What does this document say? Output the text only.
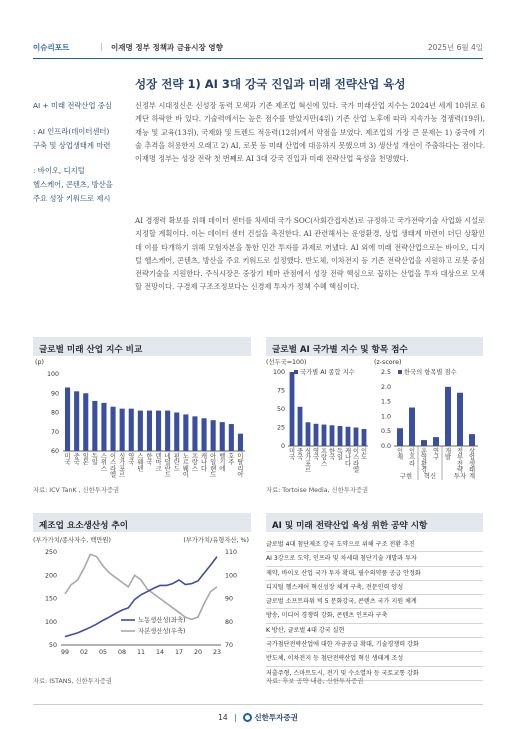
이슈리포트	| 이재명 정부 정책과 금융시장 영향	2025년 6월 4일
성장 전략 1) AI 3대 강국 진입과 미래 전략산업 육성
AI + 미래 전략산업 중심
: AI 인프라(데이터센터)
구축 및 상업생태계 마련
: 바이오, 디지털
헬스케어, 콘텐츠, 방산을
주요 성장 키워드로 제시
신정부 시대정신은 신성장 동력 모색과 기존 제조업 혁신에 있다. 국가 미래산업 지수는 2024년 세계 10위로 6계단 하락한 바 있다. 기술력에서는 높은 점수를 받았지만(4위) 기존 산업 노후에 따라 지속가능 경쟁력(19위), 재능 및 교육(13위), 국제화 및 트렌드 적응력(12위)에서 약점을 보였다. 제조업의 가장 큰 문제는 1) 중국에 기술 추격을 허용한지 오래고 2) AI, 로봇 등 미래 산업에 대응하지 못했으며 3) 생산성 개선이 주춤하다는 점이다. 이재명 정부는 성장 전략 첫 번째로 AI 3대 강국 진입과 미래 전략산업 육성을 천명했다.
AI 경쟁력 확보를 위해 데이터 센터를 차세대 국가 SOC(사회간접자본)로 규정하고 국가전략기술 사업화 시설로 지정할 계획이다. 이는 데이터 센터 건설을 촉진한다. AI 관련해서는 운영환경, 상업 생태계 마련이 더딘 상황인데 이를 타개하기 위해 모험자본을 통한 민간 투자를 과제로 꺼냈다. AI 외에 미래 전략산업으로는 바이오, 디지털 헬스케어, 콘텐츠, 방산을 주요 키워드로 설정했다. 반도체, 이차전지 등 기존 전략산업을 지원하고 로봇 중심 전략기술을 지원한다. 주식시장은 중장기 테마 관점에서 성장 전략 핵심으로 꼽히는 산업을 투자 대상으로 모색할 전망이다. 구경제 구조조정보다는 신경제 투자가 정책 수혜 핵심이다.
글로벌 미래 산업 지수 비교
(p)
100
90
80
70
60
미 국
중 국
일 본
독 일
스 위 스
이 스 라 엘
싱 가 포 르
영 국
스 웨 덴
한 국
덴 마 크
네 덜 란 드
핀 란 드
노 르 웨 이
프 랑 스
캐 나 다
아 일 랜 드
벨 기 에
호 주
이 탈 리 아
자료: ICV TanK , 신한투자증권
글로벌 AI 국가별 지수 및 항목 점수
(선두국=100)
100
75
50
25
0
국가별 AI 종합 지수
미 국
중 국
싱 가 포 르
영 국
프 랑 스
한 국
독 일
캐 나 다
이 스 라 엘
인 도
(z-score)
2.5
2.0
1.5
1.0
0.5
0.0
한국의 항목별 점수
인 재
인 프 라
운 영 환 경
연 구
개 발
정 부 전 략
상 업 생 태 계
구현 혁신	투자
자료: Tortoise Media, 신한투자증권
제조업 요소생산성 추이
(부가가치/종사자수, 백만원)	(부가가치/유형자산, %)
250
200
150
100
50
110
100
90
80
70
99 02 05 08 11 14 17 20 23
노동생산성(좌축)
자본생산성(우축)
자료: ISTANS, 신한투자증권
AI 및 미래 전략산업 육성 위한 공약 시항
글로벌 4대 첨단제조 강국 도약으로 위해 구조 전환 추진
AI 3강으로 도약, 인프라 및 차세대 첨단기술 개발과 투자
제약, 바이오 산업 국가 투자 확대, 필수의약품 공급 안정화
디지털 헬스케어 혁신성장 체계 구축, 전문인력 양성
글로벌 소프트파워 빅 5 문화강국, 콘텐츠 국가 지원 체계
방송, 미디어 경쟁력 강화, 콘텐츠 인프라 구축
K 방산, 글로벌 4대 강국 실현
국가첨단전략산업에 대한 자금공급 확대, 기술경쟁력 강화
반도체, 이차전지 등 첨단전략산업 혁신 생태계 조성
저출주형, 스마트도시, 전기 및 수소열차 등 국토교통 강화
자료: 후보 공약 내용, 신한투자증권
14 | 신한투자증권
